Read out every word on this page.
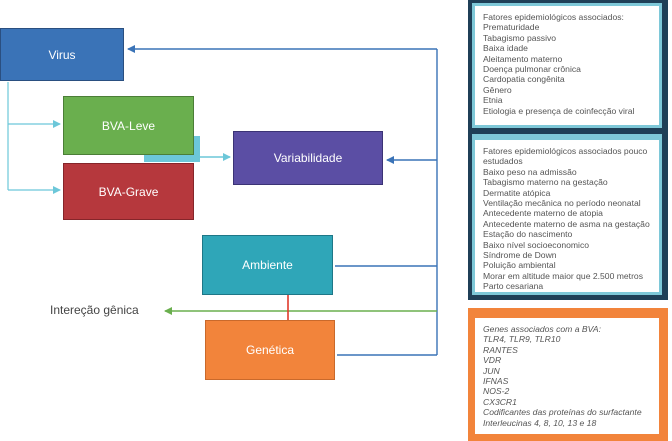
Fatores epidemiológicos associados:
Prematuridade
Tabagismo passivo
Baixa idade
Aleitamento materno
Doença pulmonar crônica
Cardopatia congênita
Gênero
Etnia
Etiologia e presença de coinfecção viral
Fatores epidemiológicos associados pouco
estudados
Baixo peso na admissão
Tabagismo materno na gestação
Dermatite atópica
Ventilação mecânica no período neonatal
Antecedente materno de atopia
Antecedente materno de asma na gestação
Estação do nascimento
Baixo nível socioeconomico
Síndrome de Down
Poluição ambiental
Morar em altitude maior que 2.500 metros
Parto cesariana
Genes associados com a BVA:
TLR4, TLR9, TLR10
RANTES
VDR
JUN
IFNAS
NOS-2
CX3CR1
Codificantes das proteínas do surfactante
Interleucinas 4, 8, 10, 13 e 18
Virus
BVA-Leve
BVA-Grave
Variabilidade
Ambiente
Genética
Intereção gênica
